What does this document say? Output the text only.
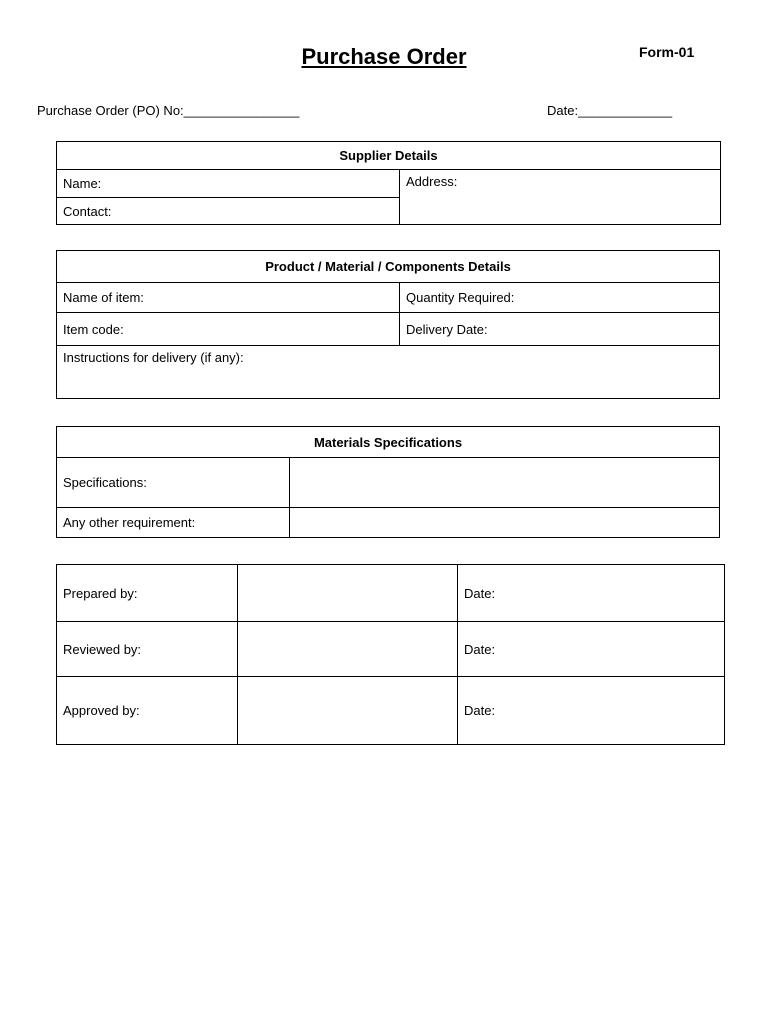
Purchase Order	Form-01
Purchase Order (PO) No:________________	Date:_____________
Supplier Details
Name:	Address:
Contact:
Product / Material / Components Details	
Name of item:	Quantity Required:
Item code:	Delivery Date:
Instructions for delivery (if any):	
Materials Specifications	
Specifications:	
Any other requirement:	
Prepared by:		Date:
Reviewed by:		Date:
Approved by:		Date:
